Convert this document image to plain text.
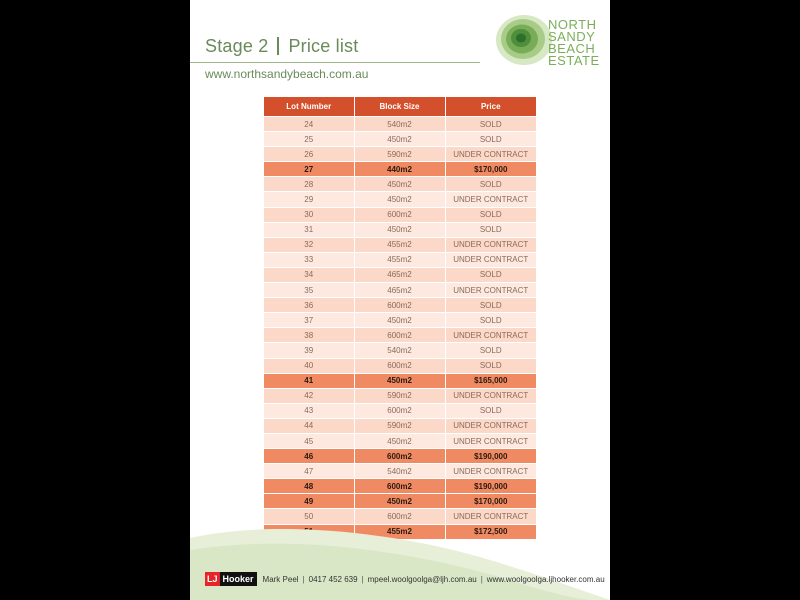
Stage 2 Price list
www.northsandybeach.com.au
NORTH
SANDY
BEACH
ESTATE
Lot Number	Block Size	Price
24	540m2	SOLD
25	450m2	SOLD
26	590m2	UNDER CONTRACT
27	440m2	$170,000
28	450m2	SOLD
29	450m2	UNDER CONTRACT
30	600m2	SOLD
31	450m2	SOLD
32	455m2	UNDER CONTRACT
33	455m2	UNDER CONTRACT
34	465m2	SOLD
35	465m2	UNDER CONTRACT
36	600m2	SOLD
37	450m2	SOLD
38	600m2	UNDER CONTRACT
39	540m2	SOLD
40	600m2	SOLD
41	450m2	$165,000
42	590m2	UNDER CONTRACT
43	600m2	SOLD
44	590m2	UNDER CONTRACT
45	450m2	UNDER CONTRACT
46	600m2	$190,000
47	540m2	UNDER CONTRACT
48	600m2	$190,000
49	450m2	$170,000
50	600m2	UNDER CONTRACT
	455m2	$172,500
LJ Hooker	Mark Peel | 0417 452 639 | mpeel.woolgoolga@ljh.com.au | www.woolgoolga.ljhooker.com.au
